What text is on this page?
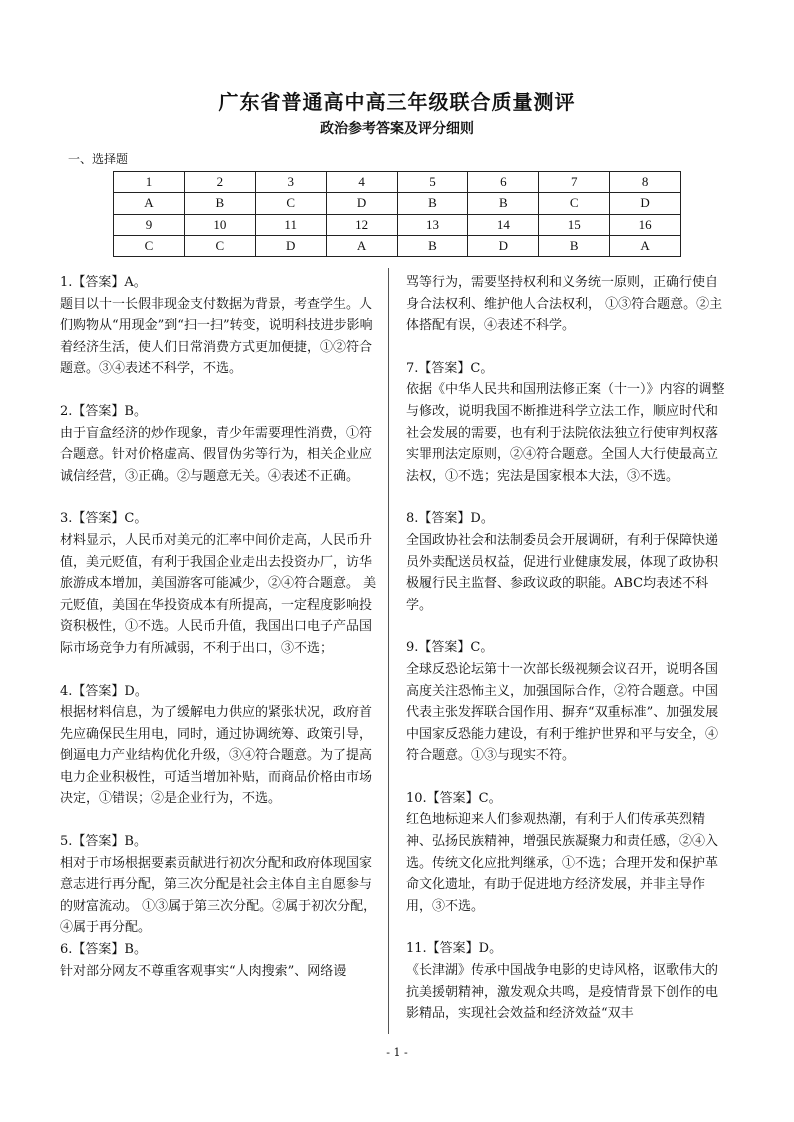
广东省普通高中高三年级联合质量测评
政治参考答案及评分细则
一、选择题
1	2	3	4	5	6	7	8
A	B	C	D	B	B	C	D
9	10	11	12	13	14	15	16
C	C	D	A	B	D	B	A
1.【答案】A。
题目以十一长假非现金支付数据为背景，考查学生。人们购物从“用现金”到“扫一扫”转变，说明科技进步影响着经济生活，使人们日常消费方式更加便捷，①②符合题意。③④表述不科学，不选。
2.【答案】B。
由于盲盒经济的炒作现象，青少年需要理性消费，①符合题意。针对价格虚高、假冒伪劣等行为，相关企业应诚信经营，③正确。②与题意无关。④表述不正确。
3.【答案】C。
材料显示，人民币对美元的汇率中间价走高，人民币升值，美元贬值，有利于我国企业走出去投资办厂，访华旅游成本增加，美国游客可能减少，②④符合题意。 美元贬值，美国在华投资成本有所提高，一定程度影响投资积极性，①不选。人民币升值，我国出口电子产品国际市场竞争力有所减弱，不利于出口，③不选；
4.【答案】D。
根据材料信息，为了缓解电力供应的紧张状况，政府首先应确保民生用电，同时，通过协调统筹、政策引导，倒逼电力产业结构优化升级，③④符合题意。为了提高电力企业积极性，可适当增加补贴，而商品价格由市场决定，①错误；②是企业行为，不选。
5.【答案】B。
相对于市场根据要素贡献进行初次分配和政府体现国家意志进行再分配，第三次分配是社会主体自主自愿参与的财富流动。 ①③属于第三次分配。②属于初次分配，④属于再分配。
6.【答案】B。
针对部分网友不尊重客观事实“人肉搜索”、网络谩
骂等行为，需要坚持权利和义务统一原则，正确行使自身合法权利、维护他人合法权利， ①③符合题意。②主体搭配有误，④表述不科学。
7.【答案】C。
依据《中华人民共和国刑法修正案（十一）》内容的调整与修改，说明我国不断推进科学立法工作，顺应时代和社会发展的需要，也有利于法院依法独立行使审判权落实罪刑法定原则，②④符合题意。全国人大行使最高立法权，①不选；宪法是国家根本大法，③不选。
8.【答案】D。
全国政协社会和法制委员会开展调研，有利于保障快递员外卖配送员权益，促进行业健康发展，体现了政协积极履行民主监督、参政议政的职能。ABC均表述不科学。
9.【答案】C。
全球反恐论坛第十一次部长级视频会议召开，说明各国高度关注恐怖主义，加强国际合作，②符合题意。中国代表主张发挥联合国作用、摒弃“双重标准”、加强发展中国家反恐能力建设，有利于维护世界和平与安全，④符合题意。①③与现实不符。
10.【答案】C。
红色地标迎来人们参观热潮，有利于人们传承英烈精神、弘扬民族精神，增强民族凝聚力和责任感，②④入选。传统文化应批判继承，①不选；合理开发和保护革命文化遗址，有助于促进地方经济发展，并非主导作用，③不选。
11.【答案】D。
《长津湖》传承中国战争电影的史诗风格，讴歌伟大的抗美援朝精神，激发观众共鸣，是疫情背景下创作的电影精品，实现社会效益和经济效益“双丰
- 1 -
